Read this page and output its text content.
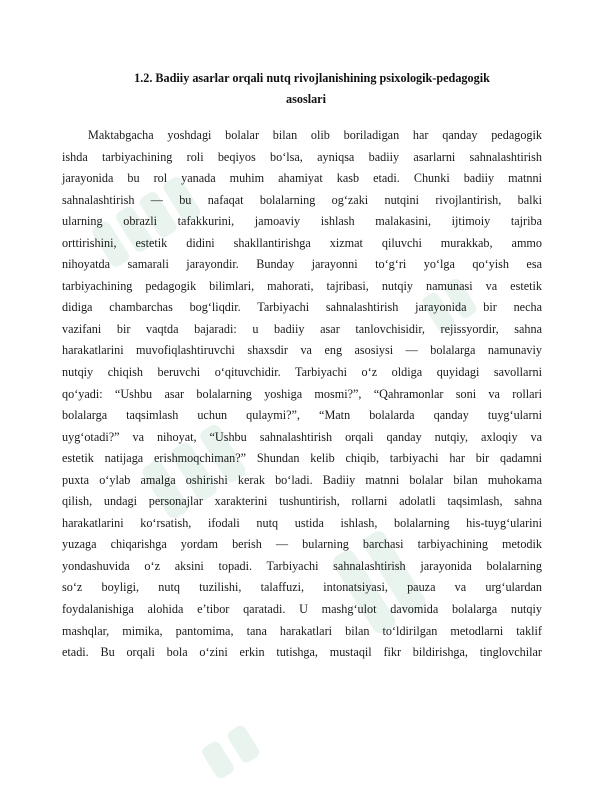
1.2. Badiiy asarlar orqali nutq rivojlanishining psixologik-pedagogik
asoslari
Maktabgacha yoshdagi bolalar bilan olib boriladigan har qanday pedagogik
ishda tarbiyachining roli beqiyos bo‘lsa, ayniqsa badiiy asarlarni sahnalashtirish
jarayonida bu rol yanada muhim ahamiyat kasb etadi. Chunki badiiy matnni
sahnalashtirish — bu nafaqat bolalarning og‘zaki nutqini rivojlantirish, balki
ularning obrazli tafakkurini, jamoaviy ishlash malakasini, ijtimoiy tajriba
orttirishini, estetik didini shakllantirishga xizmat qiluvchi murakkab, ammo
nihoyatda samarali jarayondir. Bunday jarayonni to‘g‘ri yo‘lga qo‘yish esa
tarbiyachining pedagogik bilimlari, mahorati, tajribasi, nutqiy namunasi va estetik
didiga chambarchas bog‘liqdir. Tarbiyachi sahnalashtirish jarayonida bir necha
vazifani bir vaqtda bajaradi: u badiiy asar tanlovchisidir, rejissyordir, sahna
harakatlarini muvofiqlashtiruvchi shaxsdir va eng asosiysi — bolalarga namunaviy
nutqiy chiqish beruvchi o‘qituvchidir. Tarbiyachi o‘z oldiga quyidagi savollarni
qo‘yadi: “Ushbu asar bolalarning yoshiga mosmi?”, “Qahramonlar soni va rollari
bolalarga taqsimlash uchun qulaymi?”, “Matn bolalarda qanday tuyg‘ularni
uyg‘otadi?” va nihoyat, “Ushbu sahnalashtirish orqali qanday nutqiy, axloqiy va
estetik natijaga erishmoqchiman?” Shundan kelib chiqib, tarbiyachi har bir qadamni
puxta o‘ylab amalga oshirishi kerak bo‘ladi. Badiiy matnni bolalar bilan muhokama
qilish, undagi personajlar xarakterini tushuntirish, rollarni adolatli taqsimlash, sahna
harakatlarini ko‘rsatish, ifodali nutq ustida ishlash, bolalarning his-tuyg‘ularini
yuzaga chiqarishga yordam berish — bularning barchasi tarbiyachining metodik
yondashuvida o‘z aksini topadi. Tarbiyachi sahnalashtirish jarayonida bolalarning
so‘z boyligi, nutq tuzilishi, talaffuzi, intonatsiyasi, pauza va urg‘ulardan
foydalanishiga alohida e’tibor qaratadi. U mashg‘ulot davomida bolalarga nutqiy
mashqlar, mimika, pantomima, tana harakatlari bilan to‘ldirilgan metodlarni taklif
etadi. Bu orqali bola o‘zini erkin tutishga, mustaqil fikr bildirishga, tinglovchilar
